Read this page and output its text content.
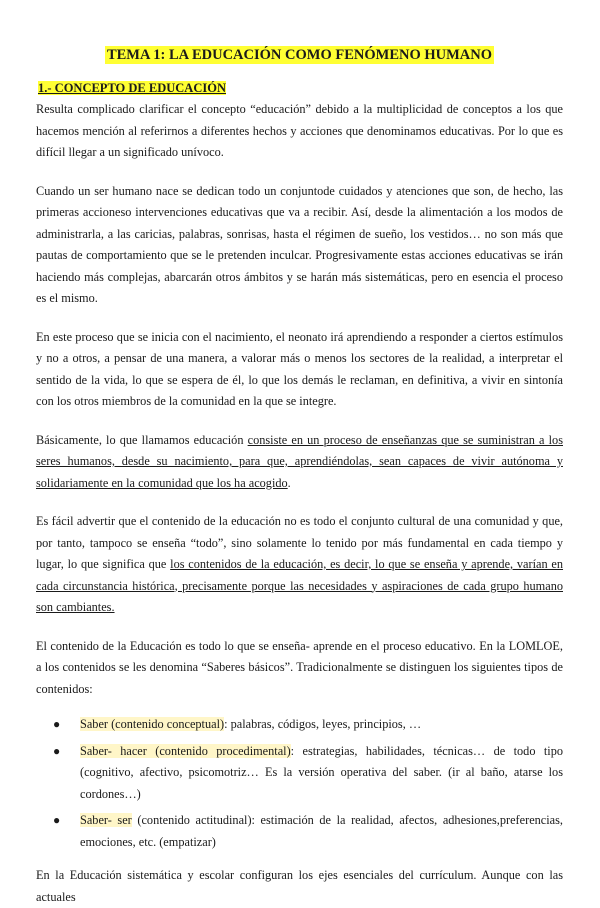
TEMA 1: LA EDUCACIÓN COMO FENÓMENO HUMANO
1.- CONCEPTO DE EDUCACIÓN

Resulta complicado clarificar el concepto “educación” debido a la multiplicidad de conceptos a los que hacemos mención al referirnos a diferentes hechos y acciones que denominamos educativas. Por lo que es difícil llegar a un significado unívoco.

Cuando un ser humano nace se dedican todo un conjuntode cuidados y atenciones que son, de hecho, las primeras accioneso intervenciones educativas que va a recibir. Así, desde la alimentación a los modos de administrarla, a las caricias, palabras, sonrisas, hasta el régimen de sueño, los vestidos… no son más que pautas de comportamiento que se le pretenden inculcar. Progresivamente estas acciones educativas se irán haciendo más complejas, abarcarán otros ámbitos y se harán más sistemáticas, pero en esencia el proceso es el mismo.

En este proceso que se inicia con el nacimiento, el neonato irá aprendiendo a responder a ciertos estímulos y no a otros, a pensar de una manera, a valorar más o menos los sectores de la realidad, a interpretar el sentido de la vida, lo que se espera de él, lo que los demás le reclaman, en definitiva, a vivir en sintonía con los otros miembros de la comunidad en la que se integre.

Básicamente, lo que llamamos educación consiste en un proceso de enseñanzas que se suministran a los seres humanos, desde su nacimiento, para que, aprendiéndolas, sean capaces de vivir autónoma y solidariamente en la comunidad que los ha acogido.

Es fácil advertir que el contenido de la educación no es todo el conjunto cultural de una comunidad y que, por tanto, tampoco se enseña “todo”, sino solamente lo tenido por más fundamental en cada tiempo y lugar, lo que significa que los contenidos de la educación, es decir, lo que se enseña y aprende, varían en cada circunstancia histórica, precisamente porque las necesidades y aspiraciones de cada grupo humano son cambiantes.

El contenido de la Educación es todo lo que se enseña- aprende en el proceso educativo. En la LOMLOE, a los contenidos se les denomina “Saberes básicos”. Tradicionalmente se distinguen los siguientes tipos de contenidos:

● Saber (contenido conceptual): palabras, códigos, leyes, principios, …
● Saber- hacer (contenido procedimental): estrategias, habilidades, técnicas… de todo tipo (cognitivo, afectivo, psicomotriz… Es la versión operativa del saber. (ir al baño, atarse los cordones…)
● Saber- ser (contenido actitudinal): estimación de la realidad, afectos, adhesiones,preferencias, emociones, etc. (empatizar)

En la Educación sistemática y escolar configuran los ejes esenciales del currículum. Aunque con las actuales
